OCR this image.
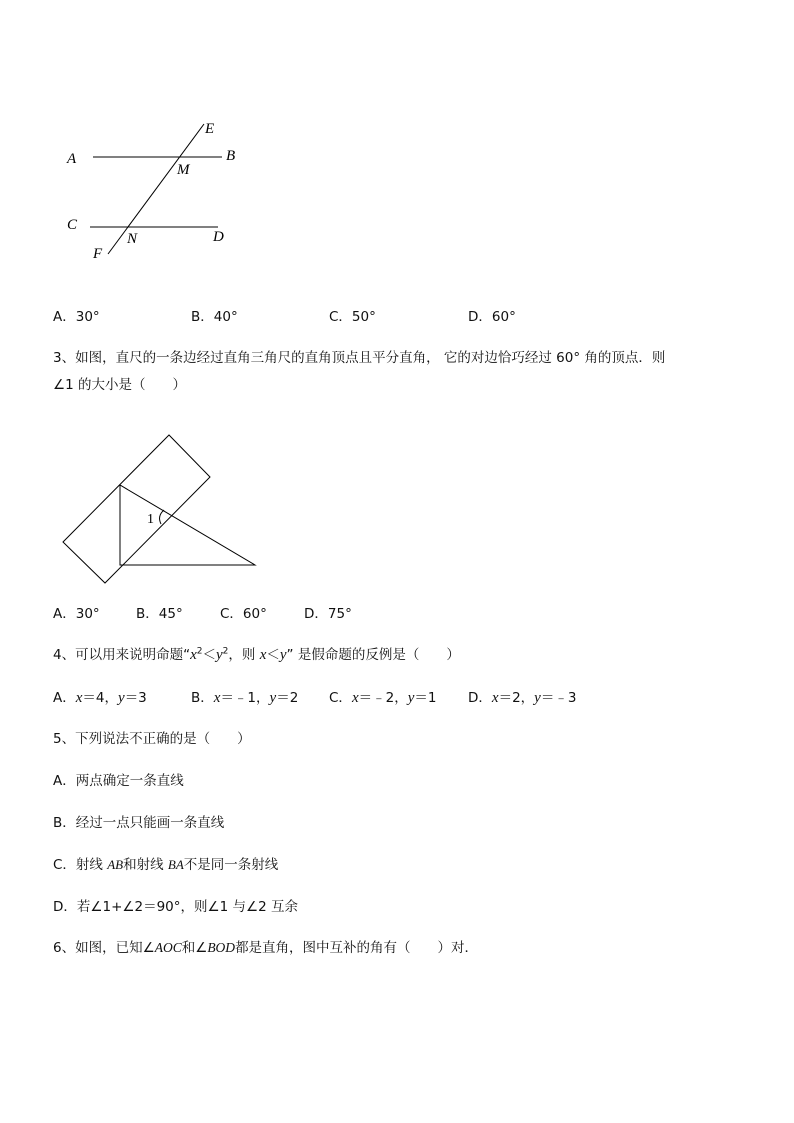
A	B
C
D
E
F
M
N
A．30°	B．40°	C．50°	D．60°
3、如图，直尺的一条边经过直角三角尺的直角顶点且平分直角， 它的对边恰巧经过 60° 角的顶点．则
∠1 的大小是（　　）
1
A．30°	B．45°	C．60°	D．75°
4、可以用来说明命题“$x^2<y^2$，则 x＜y” 是假命题的反例是（　　）
A．x＝4，y＝3	B．x＝﹣1，y＝2 C．x＝﹣2，y＝1 D．x＝2，y＝﹣3
5、下列说法不正确的是（　　）
A．两点确定一条直线
B．经过一点只能画一条直线
C．射线 AB和射线 BA不是同一条射线
D．若∠1+∠2＝90°，则∠1 与∠2 互余
6、如图，已知∠AOC和∠BOD都是直角，图中互补的角有（　　）对．
